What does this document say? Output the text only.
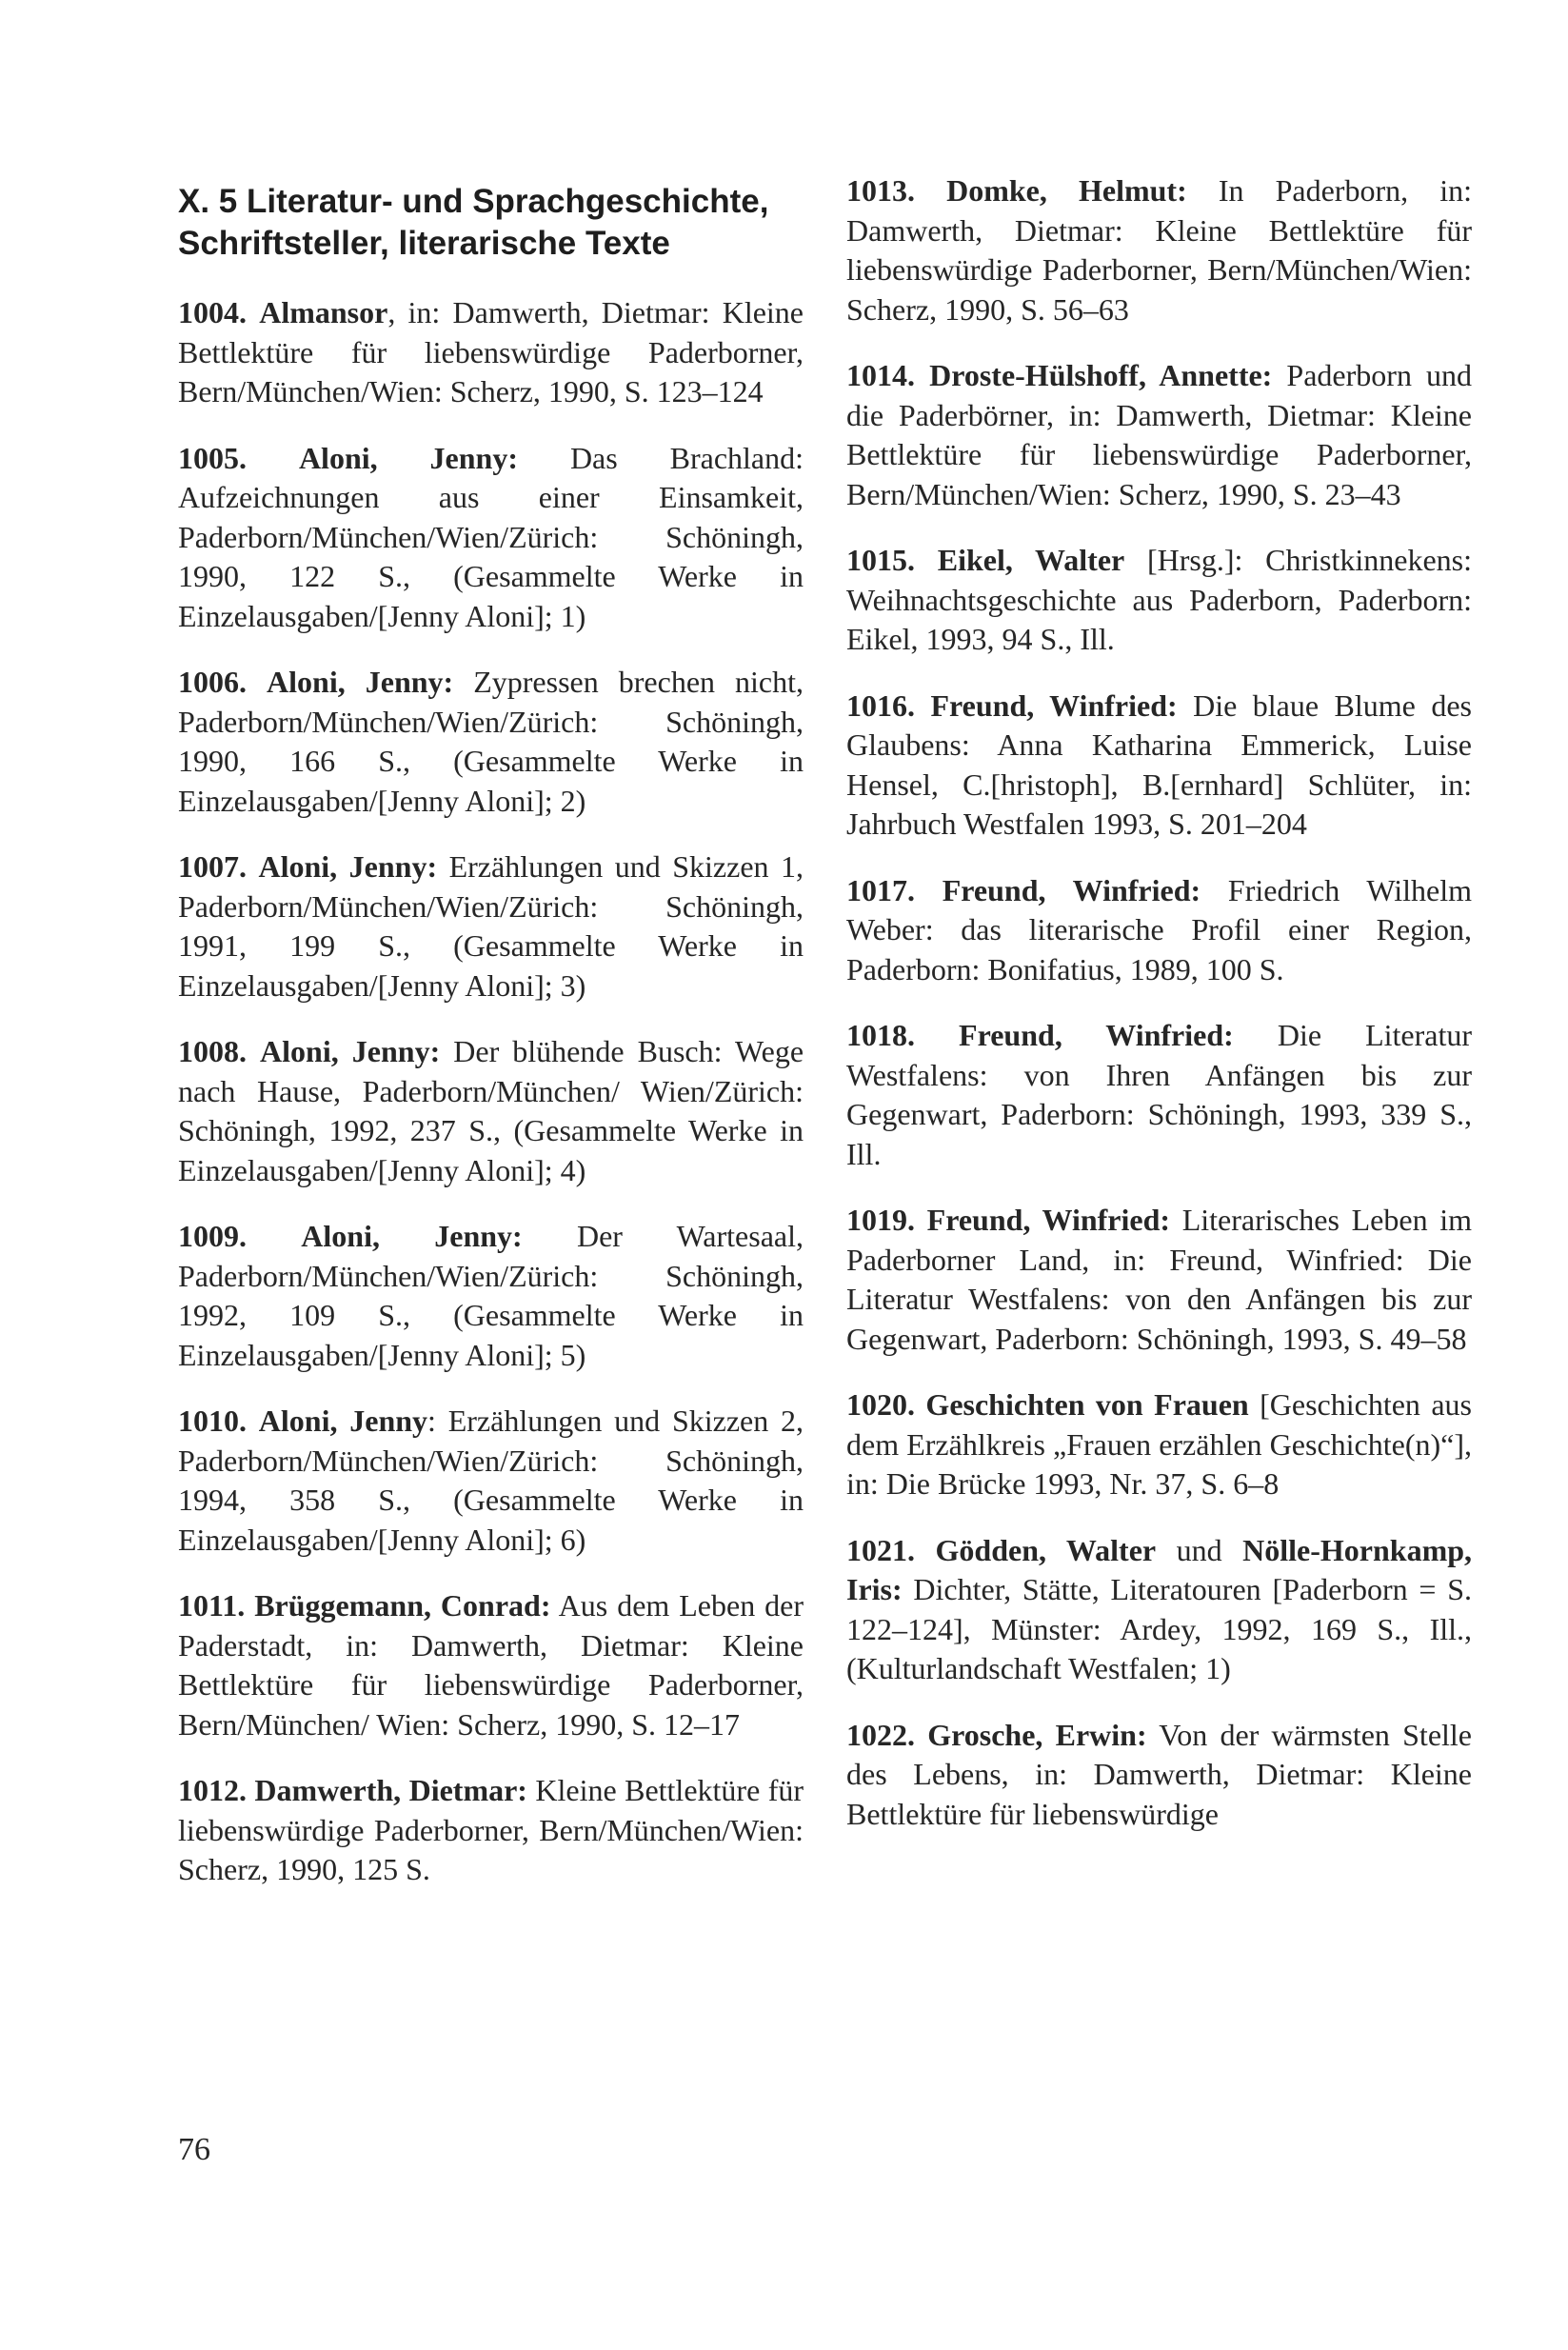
X. 5 Literatur- und Sprachgeschichte, Schriftsteller, literarische Texte

1004. Almansor, in: Damwerth, Dietmar: Kleine Bettlektüre für liebenswürdige Paderborner, Bern/München/Wien: Scherz, 1990, S. 123–124

1005. Aloni, Jenny: Das Brachland: Aufzeichnungen aus einer Einsamkeit, Paderborn/München/Wien/Zürich: Schöningh, 1990, 122 S., (Gesammelte Werke in Einzelausgaben/[Jenny Aloni]; 1)

1006. Aloni, Jenny: Zypressen brechen nicht, Paderborn/München/Wien/Zürich: Schöningh, 1990, 166 S., (Gesammelte Werke in Einzelausgaben/[Jenny Aloni]; 2)

1007. Aloni, Jenny: Erzählungen und Skizzen 1, Paderborn/München/Wien/Zürich: Schöningh, 1991, 199 S., (Gesammelte Werke in Einzelausgaben/[Jenny Aloni]; 3)

1008. Aloni, Jenny: Der blühende Busch: Wege nach Hause, Paderborn/München/ Wien/Zürich: Schöningh, 1992, 237 S., (Gesammelte Werke in Einzelausgaben/[Jenny Aloni]; 4)

1009. Aloni, Jenny: Der Wartesaal, Paderborn/München/Wien/Zürich: Schöningh, 1992, 109 S., (Gesammelte Werke in Einzelausgaben/[Jenny Aloni]; 5)

1010. Aloni, Jenny: Erzählungen und Skizzen 2, Paderborn/München/Wien/Zürich: Schöningh, 1994, 358 S., (Gesammelte Werke in Einzelausgaben/[Jenny Aloni]; 6)

1011. Brüggemann, Conrad: Aus dem Leben der Paderstadt, in: Damwerth, Dietmar: Kleine Bettlektüre für liebenswürdige Paderborner, Bern/München/ Wien: Scherz, 1990, S. 12–17

1012. Damwerth, Dietmar: Kleine Bettlektüre für liebenswürdige Paderborner, Bern/München/Wien: Scherz, 1990, 125 S.

1013. Domke, Helmut: In Paderborn, in: Damwerth, Dietmar: Kleine Bettlektüre für liebenswürdige Paderborner, Bern/München/Wien: Scherz, 1990, S. 56–63

1014. Droste-Hülshoff, Annette: Paderborn und die Paderbörner, in: Damwerth, Dietmar: Kleine Bettlektüre für liebenswürdige Paderborner, Bern/München/Wien: Scherz, 1990, S. 23–43

1015. Eikel, Walter [Hrsg.]: Christkinnekens: Weihnachtsgeschichte aus Paderborn, Paderborn: Eikel, 1993, 94 S., Ill.

1016. Freund, Winfried: Die blaue Blume des Glaubens: Anna Katharina Emmerick, Luise Hensel, C.[hristoph], B.[ernhard] Schlüter, in: Jahrbuch Westfalen 1993, S. 201–204

1017. Freund, Winfried: Friedrich Wilhelm Weber: das literarische Profil einer Region, Paderborn: Bonifatius, 1989, 100 S.

1018. Freund, Winfried: Die Literatur Westfalens: von Ihren Anfängen bis zur Gegenwart, Paderborn: Schöningh, 1993, 339 S., Ill.

1019. Freund, Winfried: Literarisches Leben im Paderborner Land, in: Freund, Winfried: Die Literatur Westfalens: von den Anfängen bis zur Gegenwart, Paderborn: Schöningh, 1993, S. 49–58

1020. Geschichten von Frauen [Geschichten aus dem Erzählkreis „Frauen erzählen Geschichte(n)“], in: Die Brücke 1993, Nr. 37, S. 6–8

1021. Gödden, Walter und Nölle-Hornkamp, Iris: Dichter, Stätte, Literatouren [Paderborn = S. 122–124], Münster: Ardey, 1992, 169 S., Ill., (Kulturlandschaft Westfalen; 1)

1022. Grosche, Erwin: Von der wärmsten Stelle des Lebens, in: Damwerth, Dietmar: Kleine Bettlektüre für liebenswürdige

76
